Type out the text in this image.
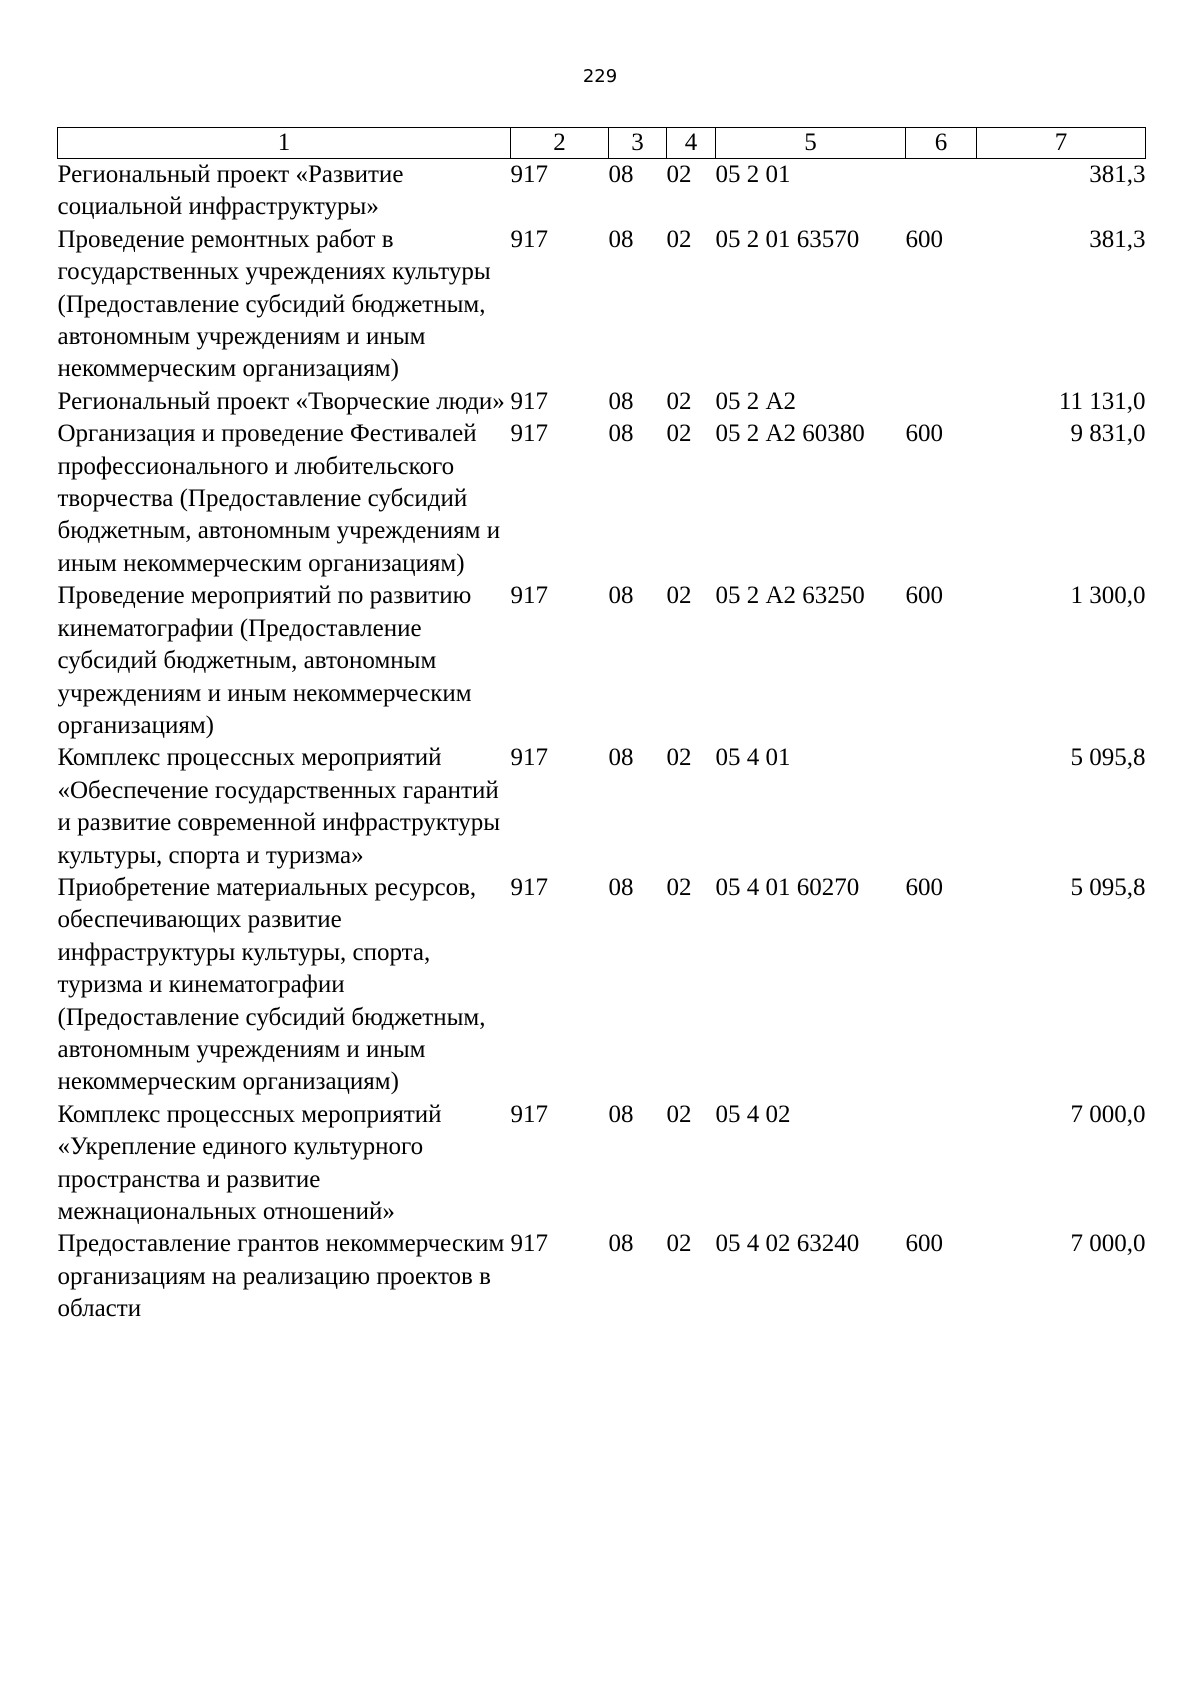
229
1	2	3	4	5	6	7
Региональный проект «Развитие социальной инфраструктуры»	917	08	02	05 2 01		381,3
Проведение ремонтных работ в государственных учреждениях культуры (Предоставление субсидий бюджетным, автономным учреждениям и иным некоммерческим организациям)	917	08	02	05 2 01 63570	600	381,3
Региональный проект «Творческие люди»	917	08	02	05 2 А2		11 131,0
Организация и проведение Фестивалей профессионального и любительского творчества (Предоставление субсидий бюджетным, автономным учреждениям и иным некоммерческим организациям)	917	08	02	05 2 А2 60380	600	9 831,0
Проведение мероприятий по развитию кинематографии (Предоставление субсидий бюджетным, автономным учреждениям и иным некоммерческим организациям)	917	08	02	05 2 А2 63250	600	1 300,0
Комплекс процессных мероприятий «Обеспечение государственных гарантий и развитие современной инфраструктуры культуры, спорта и туризма»	917	08	02	05 4 01		5 095,8
Приобретение материальных ресурсов, обеспечивающих развитие инфраструктуры культуры, спорта, туризма и кинематографии (Предоставление субсидий бюджетным, автономным учреждениям и иным некоммерческим организациям)	917	08	02	05 4 01 60270	600	5 095,8
Комплекс процессных мероприятий «Укрепление единого культурного пространства и развитие межнациональных отношений»	917	08	02	05 4 02		7 000,0
Предоставление грантов некоммерческим организациям на реализацию проектов в области	917	08	02	05 4 02 63240	600	7 000,0
